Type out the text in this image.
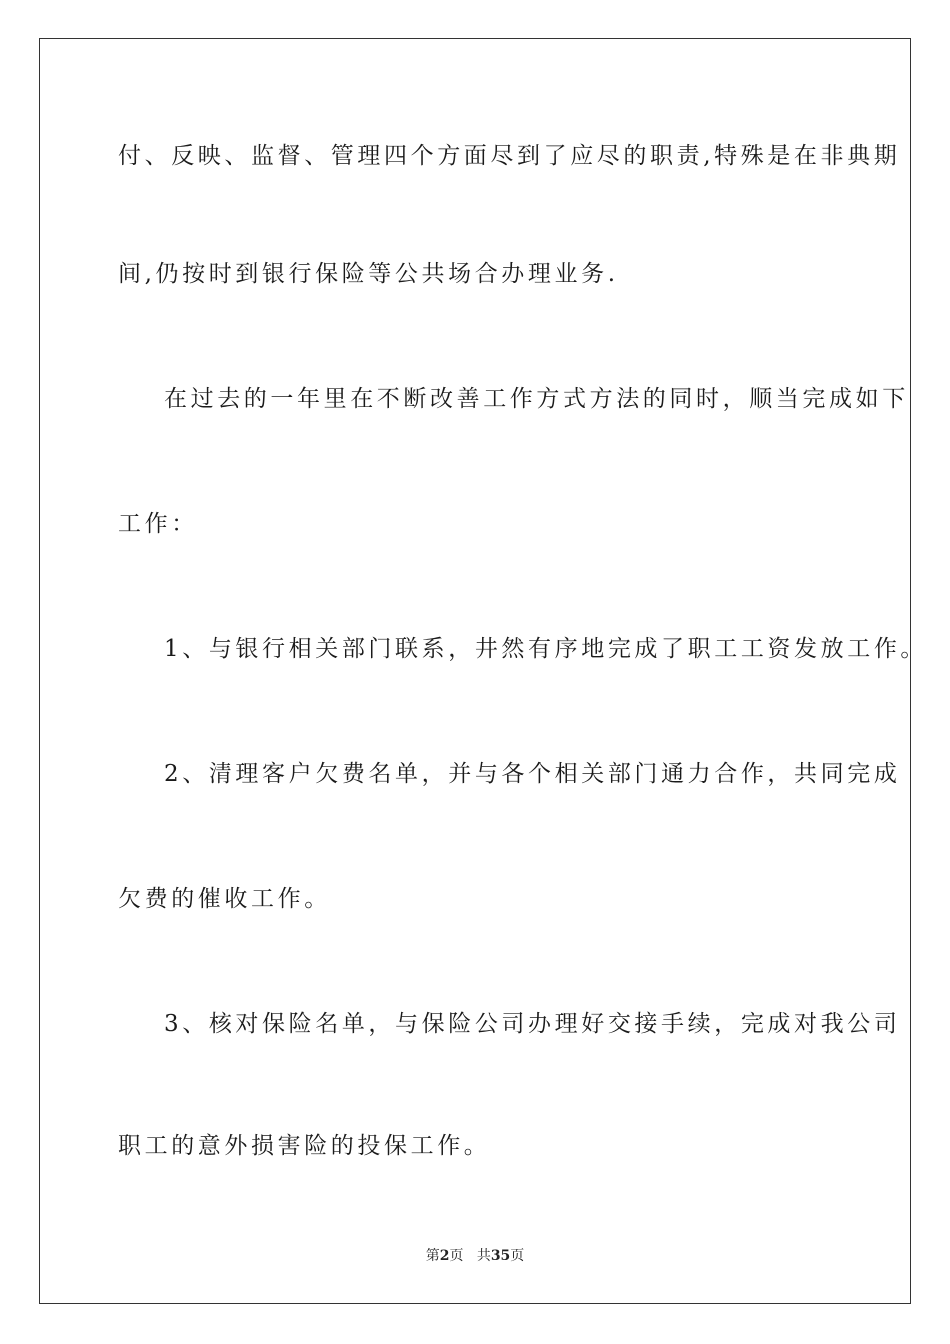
付、反映、监督、管理四个方面尽到了应尽的职责,特殊是在非典期
间,仍按时到银行保险等公共场合办理业务.
在过去的一年里在不断改善工作方式方法的同时，顺当完成如下
工作：
1、与银行相关部门联系，井然有序地完成了职工工资发放工作。
2、清理客户欠费名单，并与各个相关部门通力合作，共同完成
欠费的催收工作。
3、核对保险名单，与保险公司办理好交接手续，完成对我公司
职工的意外损害险的投保工作。
第2页 共35页
